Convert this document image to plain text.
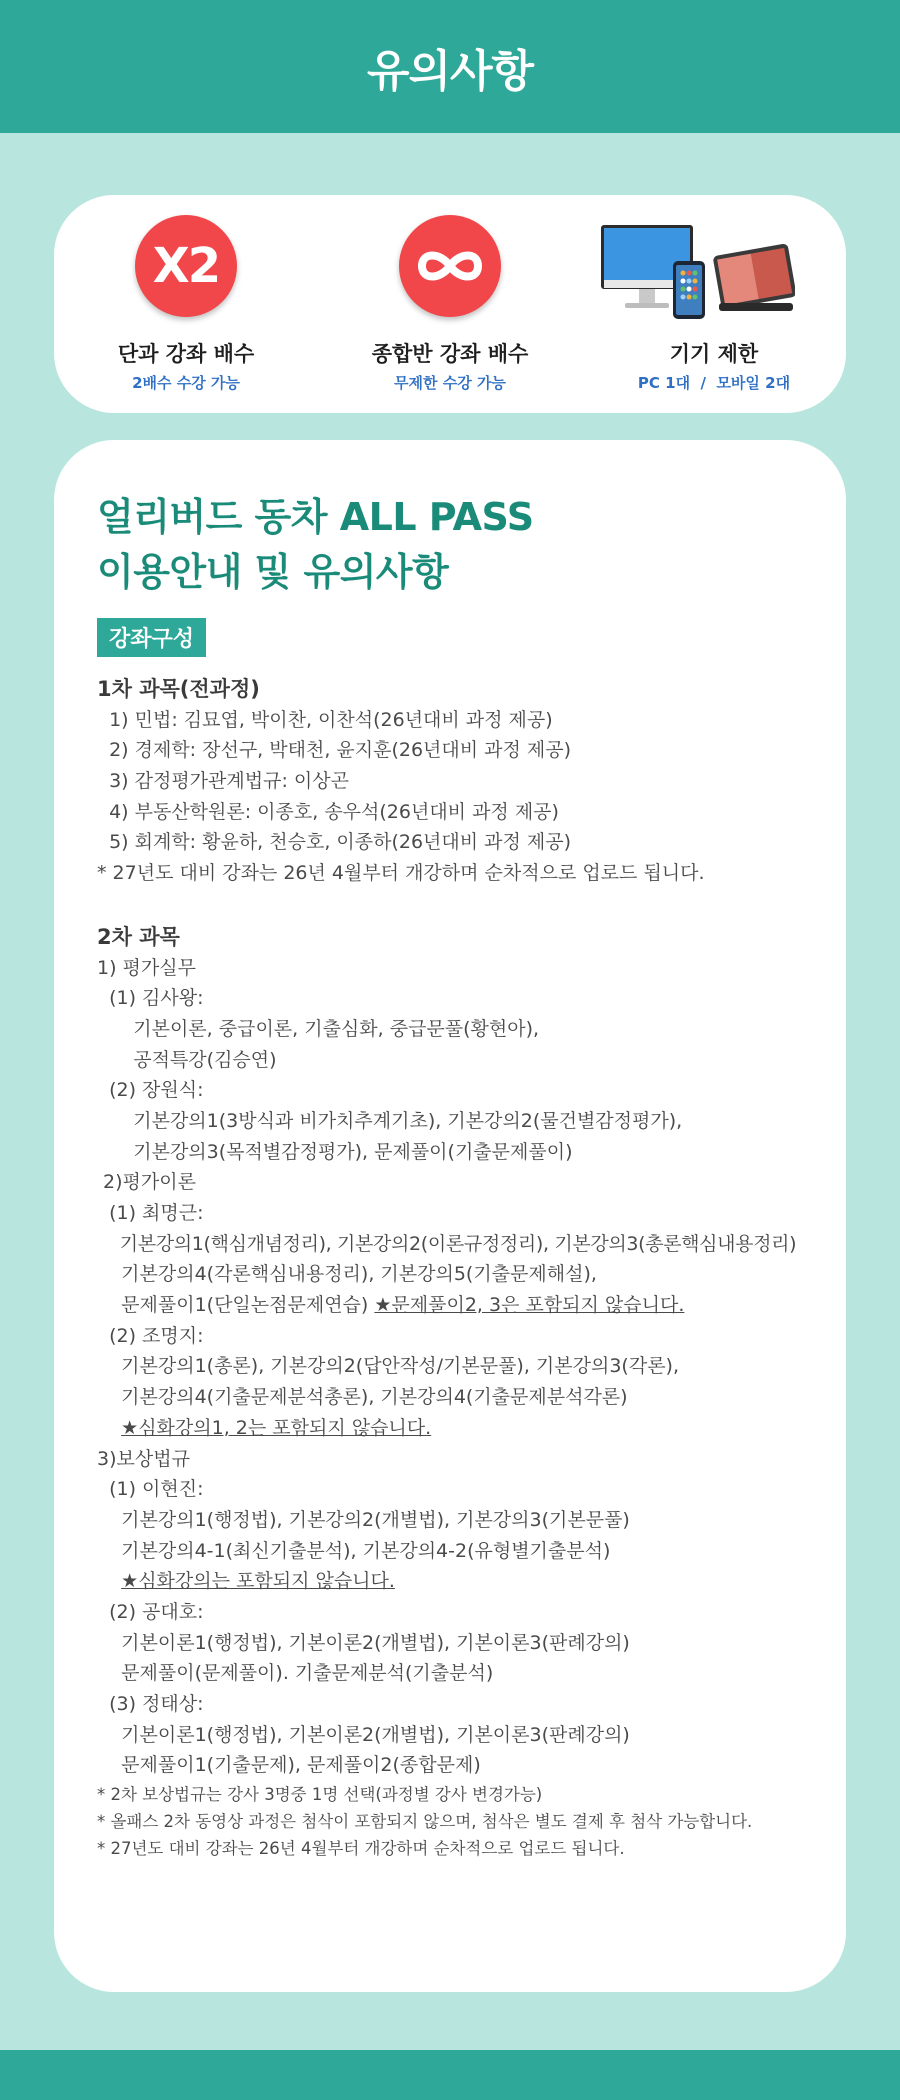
유의사항
X2
단과 강좌 배수
2배수 수강 가능
종합반 강좌 배수
무제한 수강 가능
기기 제한
PC 1대  /  모바일 2대
얼리버드 동차 ALL PASS
이용안내 및 유의사항
강좌구성
1차 과목(전과정)
1) 민법: 김묘엽, 박이찬, 이찬석(26년대비 과정 제공)
2) 경제학: 장선구, 박태천, 윤지훈(26년대비 과정 제공)
3) 감정평가관계법규: 이상곤
4) 부동산학원론: 이종호, 송우석(26년대비 과정 제공)
5) 회계학: 황윤하, 천승호, 이종하(26년대비 과정 제공)
* 27년도 대비 강좌는 26년 4월부터 개강하며 순차적으로 업로드 됩니다.
2차 과목
1) 평가실무
(1) 김사왕:
기본이론, 중급이론, 기출심화, 중급문풀(황현아),
공적특강(김승연)
(2) 장원식:
기본강의1(3방식과 비가치추계기초), 기본강의2(물건별감정평가),
기본강의3(목적별감정평가), 문제풀이(기출문제풀이)
2)평가이론
(1) 최명근:
기본강의1(핵심개념정리), 기본강의2(이론규정정리), 기본강의3(총론핵심내용정리)
기본강의4(각론핵심내용정리), 기본강의5(기출문제해설),
문제풀이1(단일논점문제연습) ★문제풀이2, 3은 포함되지 않습니다.
(2) 조명지:
기본강의1(총론), 기본강의2(답안작성/기본문풀), 기본강의3(각론),
기본강의4(기출문제분석총론), 기본강의4(기출문제분석각론)
★심화강의1, 2는 포함되지 않습니다.
3)보상법규
(1) 이현진:
기본강의1(행정법), 기본강의2(개별법), 기본강의3(기본문풀)
기본강의4-1(최신기출분석), 기본강의4-2(유형별기출분석)
★심화강의는 포함되지 않습니다.
(2) 공대호:
기본이론1(행정법), 기본이론2(개별법), 기본이론3(판례강의)
문제풀이(문제풀이). 기출문제분석(기출분석)
(3) 정태상:
기본이론1(행정법), 기본이론2(개별법), 기본이론3(판례강의)
문제풀이1(기출문제), 문제풀이2(종합문제)
* 2차 보상법규는 강사 3명중 1명 선택(과정별 강사 변경가능)
* 올패스 2차 동영상 과정은 첨삭이 포함되지 않으며, 첨삭은 별도 결제 후 첨삭 가능합니다.
* 27년도 대비 강좌는 26년 4월부터 개강하며 순차적으로 업로드 됩니다.
